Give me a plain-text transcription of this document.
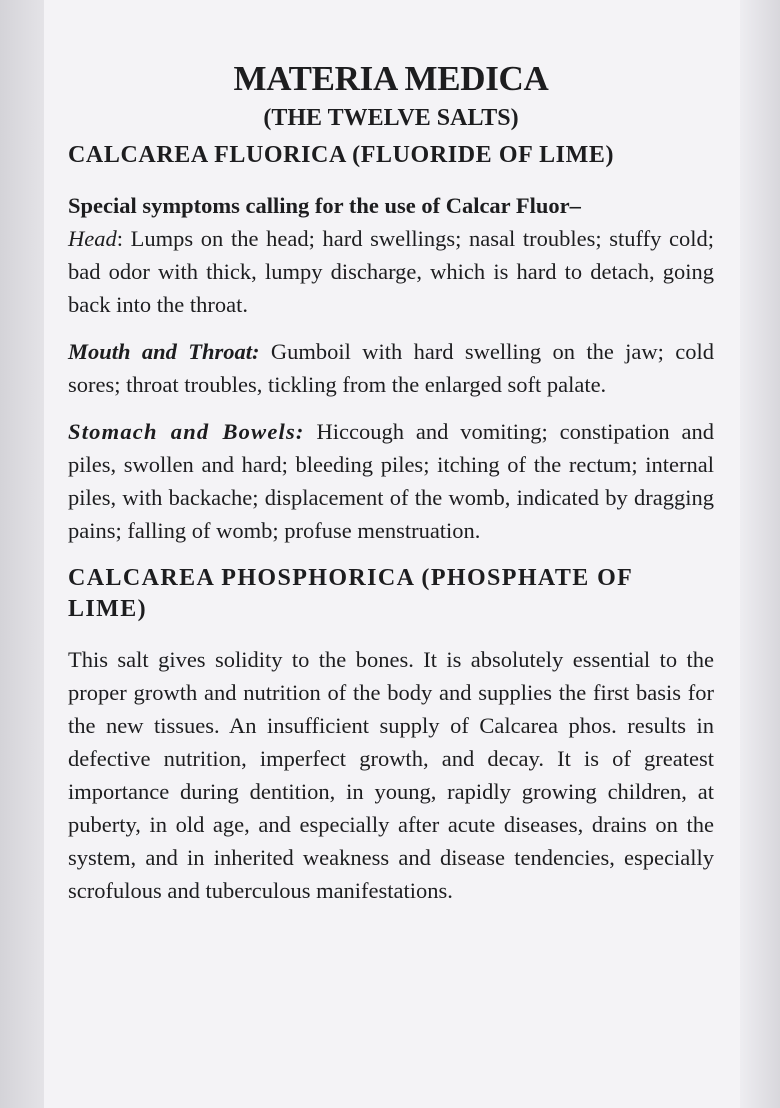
MATERIA MEDICA
(THE TWELVE SALTS)
CALCAREA FLUORICA (FLUORIDE OF LIME)

Special symptoms calling for the use of Calcar Fluor–
Head: Lumps on the head; hard swellings; nasal troubles; stuffy cold; bad odor with thick, lumpy discharge, which is hard to detach, going back into the throat.

Mouth and Throat: Gumboil with hard swelling on the jaw; cold sores; throat troubles, tickling from the enlarged soft palate.

Stomach and Bowels: Hiccough and vomiting; constipation and piles, swollen and hard; bleeding piles; itching of the rectum; internal piles, with backache; displacement of the womb, indicated by dragging pains; falling of womb; profuse menstruation.

CALCAREA PHOSPHORICA (PHOSPHATE OF LIME)

This salt gives solidity to the bones. It is absolutely essential to the proper growth and nutrition of the body and supplies the first basis for the new tissues. An insufficient supply of Calcarea phos. results in defective nutrition, imperfect growth, and decay. It is of greatest importance during dentition, in young, rapidly growing children, at puberty, in old age, and especially after acute diseases, drains on the system, and in inherited weakness and disease tendencies, especially scrofulous and tuberculous manifestations.
